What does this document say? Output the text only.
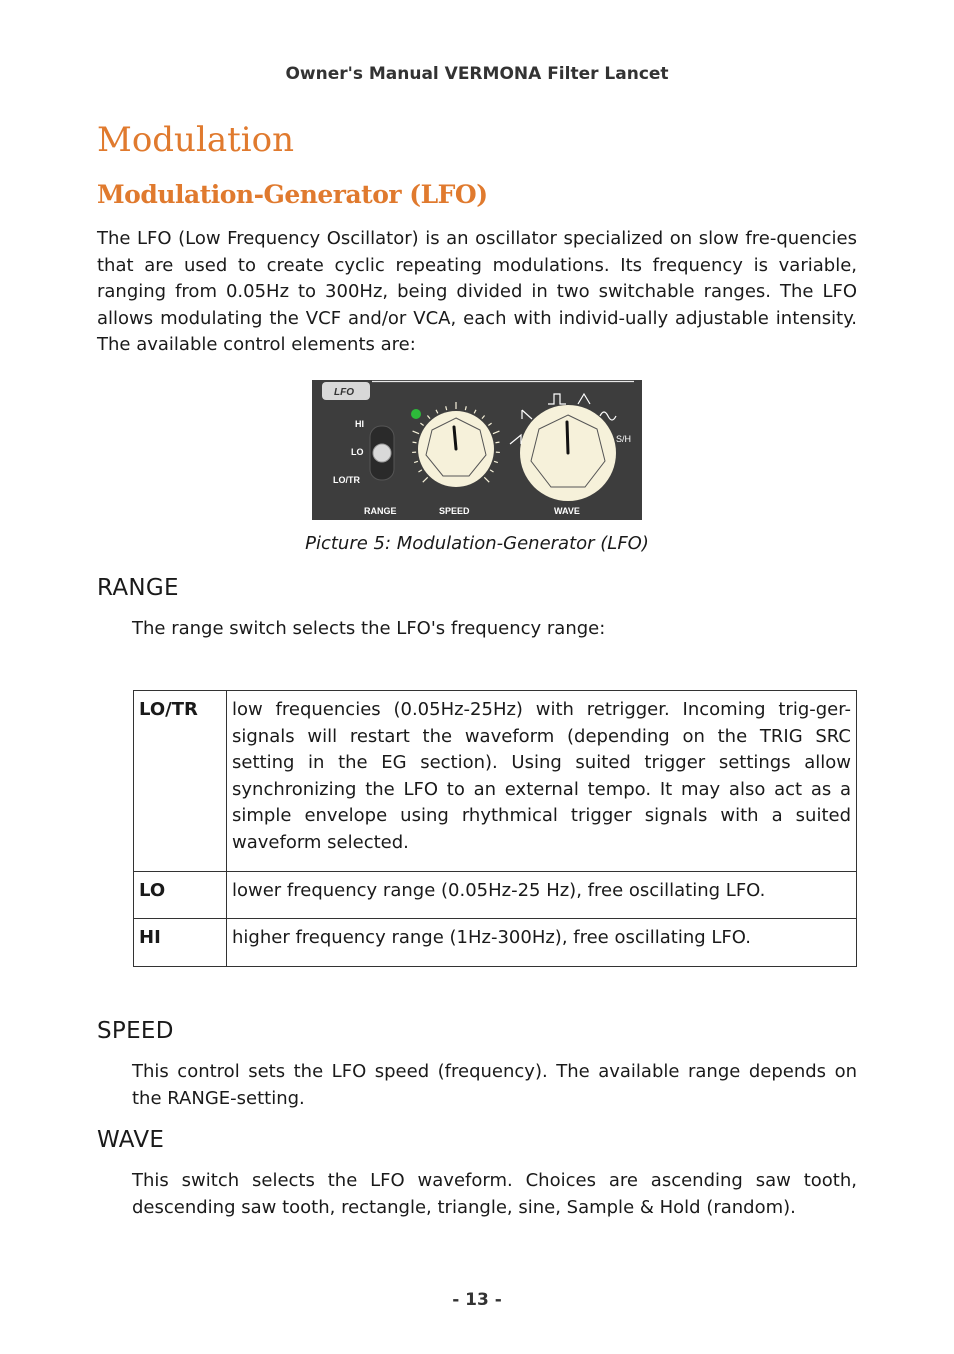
Owner's Manual VERMONA Filter Lancet
Modulation
Modulation-Generator (LFO)
The LFO (Low Frequency Oscillator) is an oscillator specialized on slow fre-quencies that are used to create cyclic repeating modulations. Its frequency is variable, ranging from 0.05Hz to 300Hz, being divided in two switchable ranges. The LFO allows modulating the VCF and/or VCA, each with individ-ually adjustable intensity. The available control elements are:
LFO
HI
LO
LO/TR
S/H
RANGE	SPEED	WAVE
Picture 5: Modulation-Generator (LFO)
RANGE
The range switch selects the LFO's frequency range:
LO/TR	low frequencies (0.05Hz-25Hz) with retrigger. Incoming trig-ger-signals will restart the waveform (depending on the TRIG SRC setting in the EG section). Using suited trigger settings allow synchronizing the LFO to an external tempo. It may also act as a simple envelope using rhythmical trigger signals with a suited waveform selected.
LO	lower frequency range (0.05Hz-25 Hz), free oscillating LFO.
HI	higher frequency range (1Hz-300Hz), free oscillating LFO.
SPEED
This control sets the LFO speed (frequency). The available range depends on the RANGE-setting.
WAVE
This switch selects the LFO waveform. Choices are ascending saw tooth, descending saw tooth, rectangle, triangle, sine, Sample & Hold (random).
- 13 -
